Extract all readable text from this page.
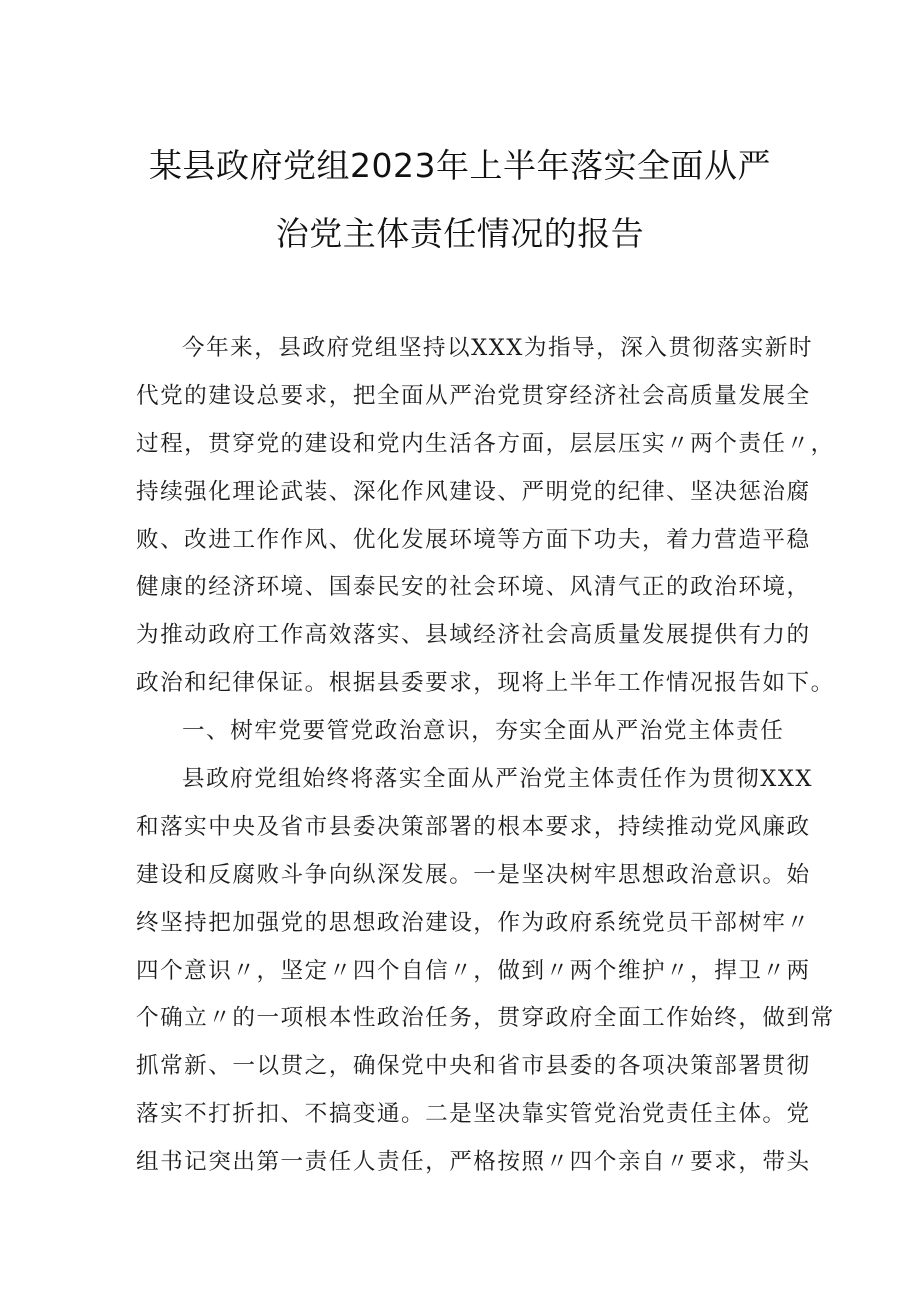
某县政府党组2023年上半年落实全面从严
治党主体责任情况的报告
今年来，县政府党组坚持以XXX为指导，深入贯彻落实新时
代党的建设总要求，把全面从严治党贯穿经济社会高质量发展全
过程，贯穿党的建设和党内生活各方面，层层压实〃两个责任〃，
持续强化理论武装、深化作风建设、严明党的纪律、坚决惩治腐
败、改进工作作风、优化发展环境等方面下功夫，着力营造平稳
健康的经济环境、国泰民安的社会环境、风清气正的政治环境，
为推动政府工作高效落实、县域经济社会高质量发展提供有力的
政治和纪律保证。根据县委要求，现将上半年工作情况报告如下。
一、树牢党要管党政治意识，夯实全面从严治党主体责任
县政府党组始终将落实全面从严治党主体责任作为贯彻XXX
和落实中央及省市县委决策部署的根本要求，持续推动党风廉政
建设和反腐败斗争向纵深发展。一是坚决树牢思想政治意识。始
终坚持把加强党的思想政治建设，作为政府系统党员干部树牢〃
四个意识〃，坚定〃四个自信〃，做到〃两个维护〃，捍卫〃两
个确立〃的一项根本性政治任务，贯穿政府全面工作始终，做到常
抓常新、一以贯之，确保党中央和省市县委的各项决策部署贯彻
落实不打折扣、不搞变通。二是坚决靠实管党治党责任主体。党
组书记突出第一责任人责任，严格按照〃四个亲自〃要求，带头
